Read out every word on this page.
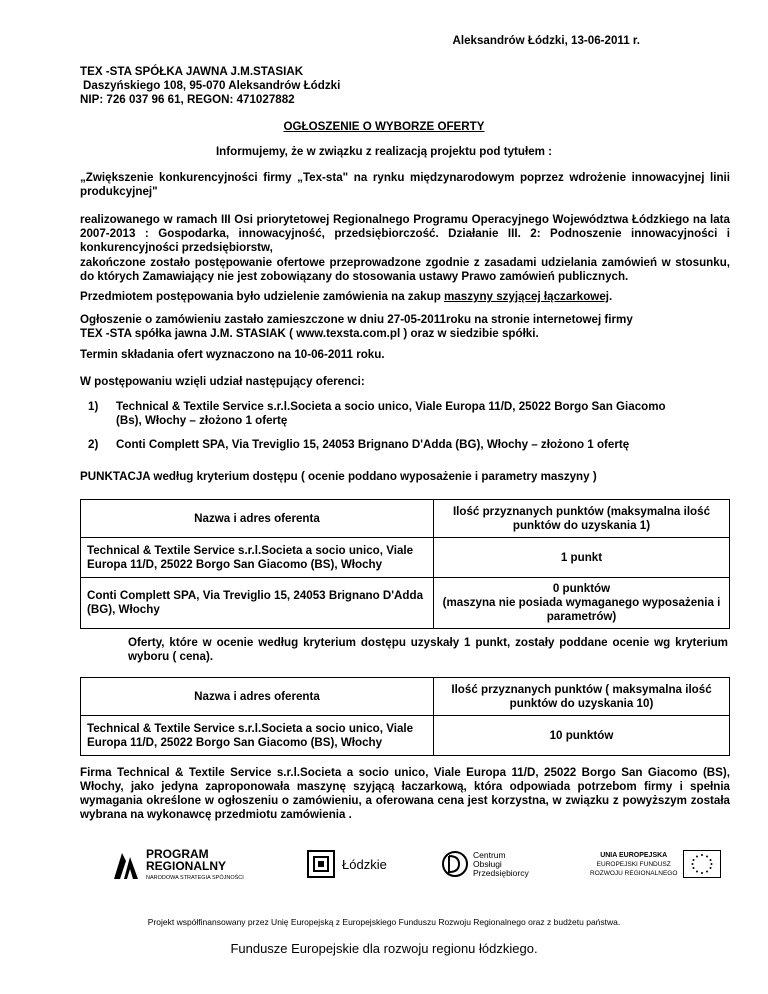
Aleksandrów Łódzki, 13-06-2011 r.
TEX -STA SPÓŁKA JAWNA J.M.STASIAK
Daszyńskiego 108, 95-070 Aleksandrów Łódzki
NIP: 726 037 96 61, REGON: 471027882
OGŁOSZENIE O WYBORZE OFERTY
Informujemy, że w związku z realizacją projektu pod tytułem :
„Zwiększenie konkurencyjności firmy „Tex-sta" na rynku międzynarodowym poprzez wdrożenie innowacyjnej linii produkcyjnej"
realizowanego w ramach III Osi priorytetowej Regionalnego Programu Operacyjnego Województwa Łódzkiego na lata 2007-2013 : Gospodarka, innowacyjność, przedsiębiorczość. Działanie III. 2: Podnoszenie innowacyjności i konkurencyjności przedsiębiorstw,
zakończone zostało postępowanie ofertowe przeprowadzone zgodnie z zasadami udzielania zamówień w stosunku, do których Zamawiający nie jest zobowiązany do stosowania ustawy Prawo zamówień publicznych.
Przedmiotem postępowania było udzielenie zamówienia na zakup maszyny szyjącej łączarkowej.
Ogłoszenie o zamówieniu zastało zamieszczone w dniu 27-05-2011roku na stronie internetowej firmy
TEX -STA spółka jawna J.M. STASIAK ( www.texsta.com.pl ) oraz w siedzibie spółki.
Termin składania ofert wyznaczono na 10-06-2011 roku.
W postępowaniu wzięli udział następujący oferenci:
1)	Technical & Textile Service s.r.l.Societa a socio unico, Viale Europa 11/D, 25022 Borgo San Giacomo (Bs), Włochy – złożono 1 ofertę
2)	Conti Complett SPA, Via Treviglio 15, 24053 Brignano D'Adda (BG), Włochy – złożono 1 ofertę
PUNKTACJA według kryterium dostępu ( ocenie poddano wyposażenie i parametry maszyny )
Nazwa i adres oferenta	Ilość przyznanych punktów (maksymalna ilość punktów do uzyskania 1)
Technical & Textile Service s.r.l.Societa a socio unico, Viale Europa 11/D, 25022 Borgo San Giacomo (BS), Włochy	1 punkt
Conti Complett SPA, Via Treviglio 15, 24053 Brignano D'Adda (BG), Włochy	0 punktów
(maszyna nie posiada wymaganego wyposażenia i parametrów)
Oferty, które w ocenie według kryterium dostępu uzyskały 1 punkt, zostały poddane ocenie wg kryterium wyboru ( cena).
Nazwa i adres oferenta	Ilość przyznanych punktów ( maksymalna ilość punktów do uzyskania 10)
Technical & Textile Service s.r.l.Societa a socio unico, Viale Europa 11/D, 25022 Borgo San Giacomo (BS), Włochy	10 punktów
Firma Technical & Textile Service s.r.l.Societa a socio unico, Viale Europa 11/D, 25022 Borgo San Giacomo (BS), Włochy, jako jedyna zaproponowała maszynę szyjącą łaczarkową, która odpowiada potrzebom firmy i spełnia wymagania określone w ogłoszeniu o zamówieniu, a oferowana cena jest korzystna, w związku z powyższym została wybrana na wykonawcę przedmiotu zamówienia .
PROGRAM
REGIONALNY
NARODOWA STRATEGIA SPÓJNOŚCI
Łódzkie
Centrum
Obsługi
Przedsiębiorcy
UNIA EUROPEJSKA
EUROPEJSKI FUNDUSZ
ROZWOJU REGIONALNEGO
Projekt współfinansowany przez Unię Europejską z Europejskiego Funduszu Rozwoju Regionalnego oraz z budżetu państwa.
Fundusze Europejskie dla rozwoju regionu łódzkiego.
